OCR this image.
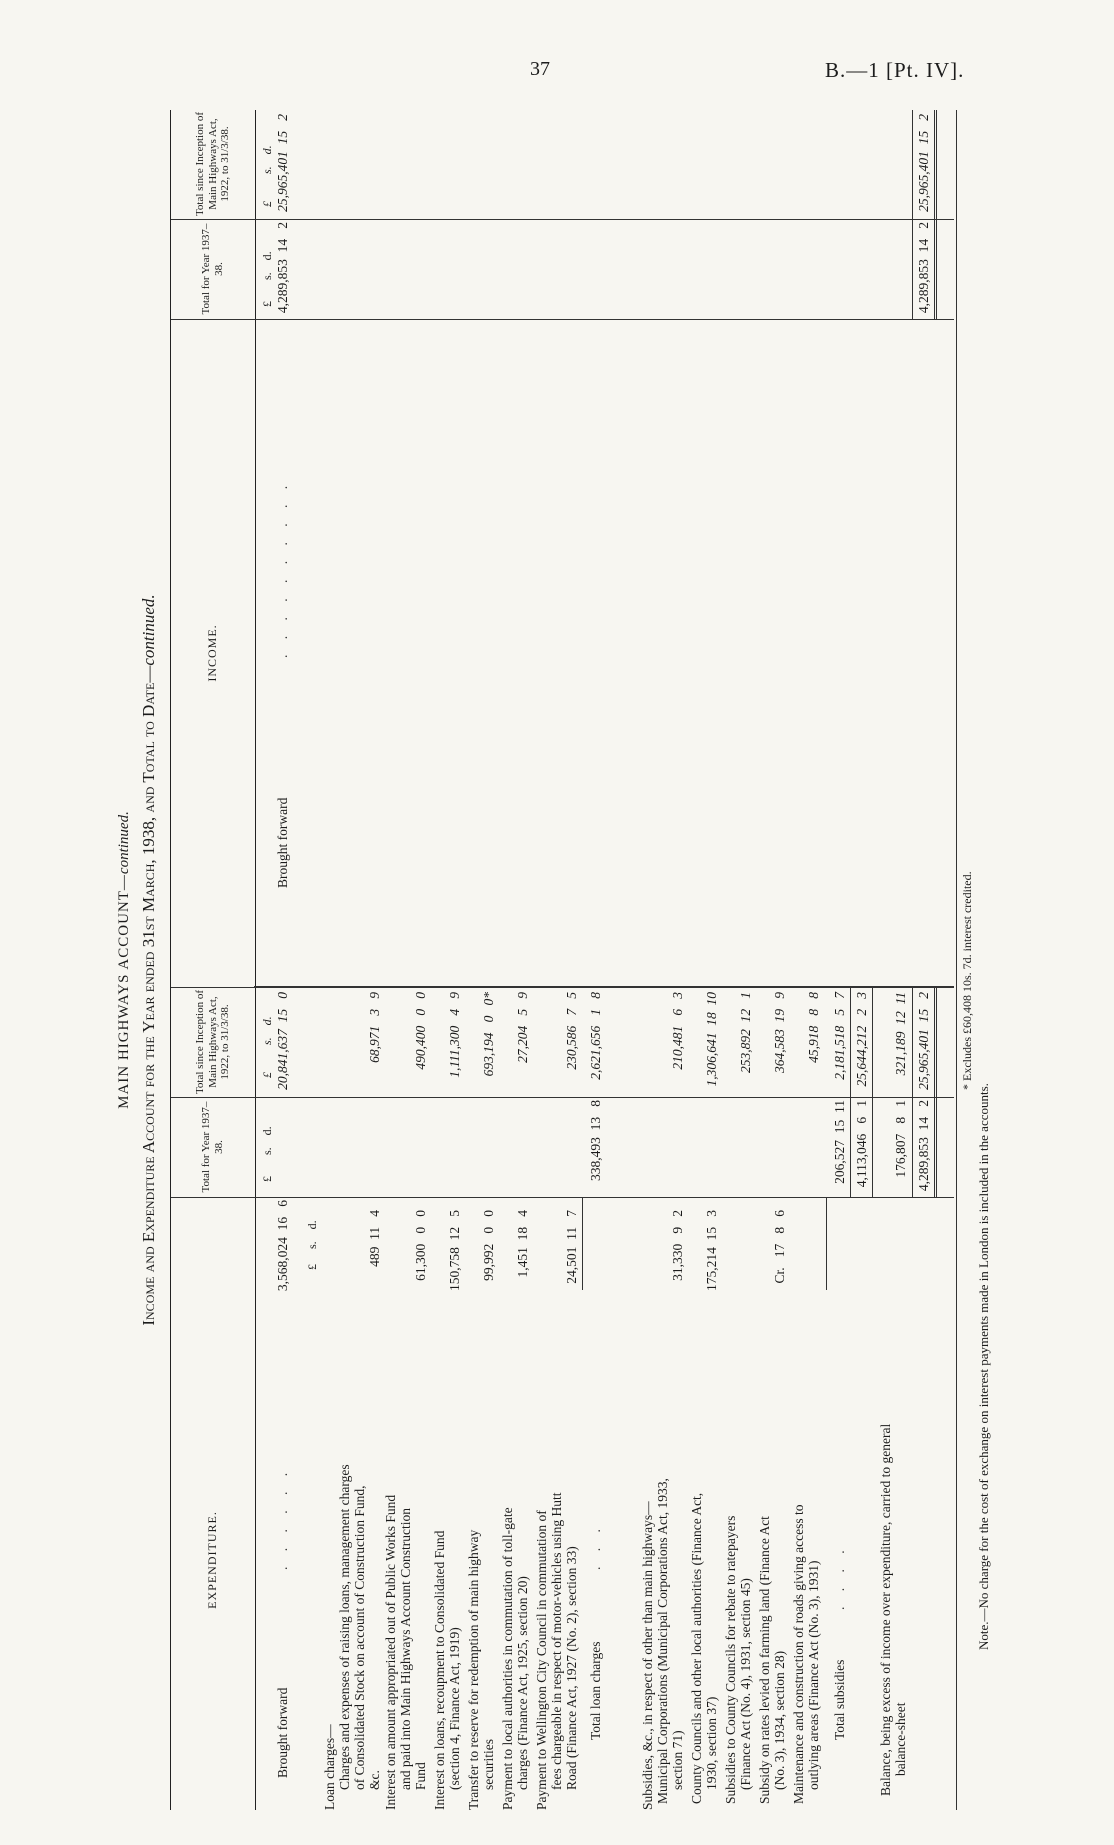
37	B.—1 [Pt. IV].
MAIN HIGHWAYS ACCOUNT—continued. Income and Expenditure Account for the Year ended 31st March, 1938, and Total to Date—continued.
EXPENDITURE.
Total for Year 1937–38.
Total since Inception of Main Highways Act, 1922, to 31/3/38.
INCOME.
Total for Year 1937–38.
Total since Inception of Main Highways Act, 1922, to 31/3/38.
£     s.    d.
£       s.    d.
£         s.    d.
£       s.    d.
£         s.    d.
Brought forward
. . . . . .
3,568,024  16   6
20,841,637  15   0
Loan charges— Charges and expenses of raising loans, management charges of Consolidated Stock on account of Construction Fund, &c.
489  11   4
68,971   3   9
Interest on amount appropriated out of Public Works Fund and paid into Main Highways Account Construction Fund
61,300   0   0
490,400   0   0
Interest on loans, recoupment to Consolidated Fund (section 4, Finance Act, 1919)
150,758  12   5
1,111,300   4   9
Transfer to reserve for redemption of main highway securities
99,992   0   0
693,194   0   0*
Payment to local authorities in commutation of toll-gate charges (Finance Act, 1925, section 20)
1,451  18   4
27,204   5   9
Payment to Wellington City Council in commutation of fees chargeable in respect of motor-vehicles using Hutt Road (Finance Act, 1927 (No. 2), section 33)
24,501  11   7
230,586   7   5
Total loan charges
. . .
338,493  13   8
2,621,656   1   8
Subsidies, &c., in respect of other than main highways— Municipal Corporations (Municipal Corporations Act, 1933, section 71)
31,330   9   2
210,481   6   3
County Councils and other local authorities (Finance Act, 1930, section 37)
175,214  15   3
1,306,641  18  10
Subsidies to County Councils for rebate to ratepayers (Finance Act (No. 4), 1931, section 45)
253,892  12   1
Subsidy on rates levied on farming land (Finance Act (No. 3), 1934, section 28)
Cr.   17   8   6
364,583  19   9
Maintenance and construction of roads giving access to outlying areas (Finance Act (No. 3), 1931)
45,918   8   8
Total subsidies
. . . .
206,527  15  11
2,181,518   5   7
4,113,046   6   1
25,644,212   2   3
Balance, being excess of income over expenditure, carried to general balance-sheet
176,807   8   1
321,189  12  11
4,289,853  14   2
25,965,401  15   2
Brought forward
. . . . . . . . . .
4,289,853  14   2
25,965,401  15   2
4,289,853  14   2
25,965,401  15   2
* Excludes £60,408 10s. 7d. interest credited.
Note.—No charge for the cost of exchange on interest payments made in London is included in the accounts.
